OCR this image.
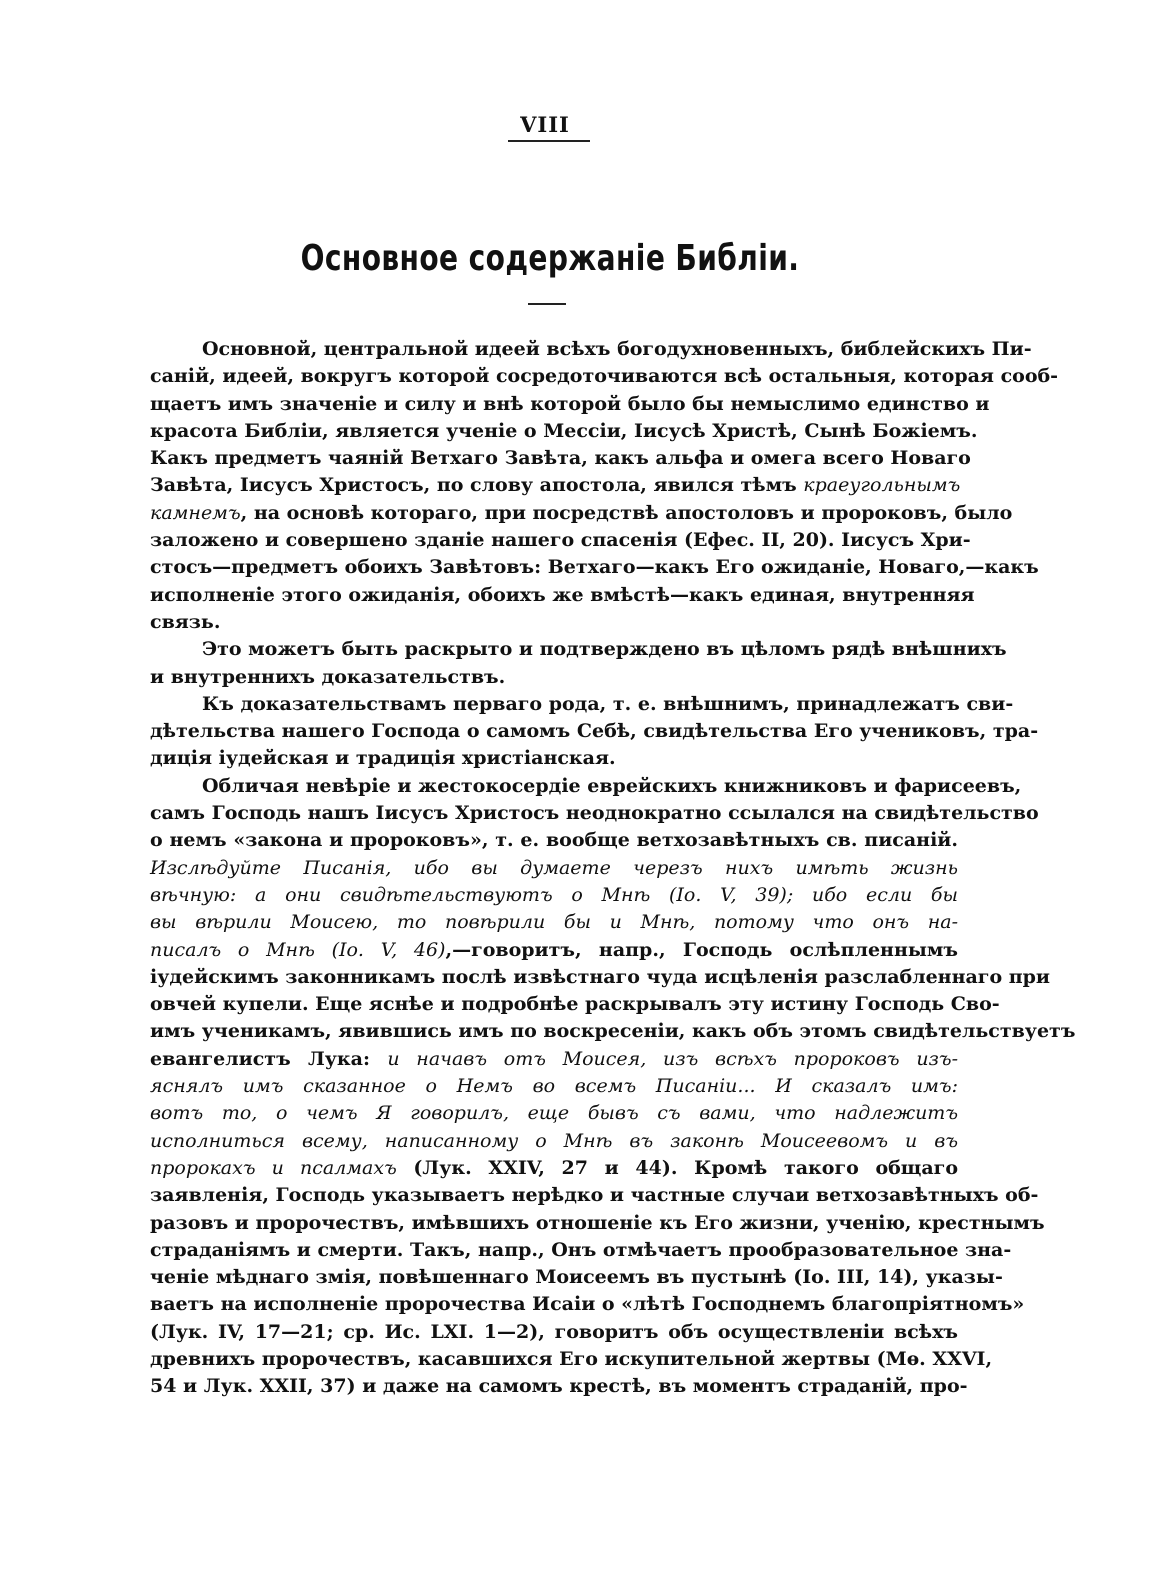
VIII
Основное содержаніе Библіи.
Основной, центральной идеей всѣхъ богодухновенныхъ, библейскихъ Пи-
саній, идеей, вокругъ которой сосредоточиваются всѣ остальныя, которая сооб-
щаетъ имъ значеніе и силу и внѣ которой было бы немыслимо единство и
красота Библіи, является ученіе о Мессіи, Іисусѣ Христѣ, Сынѣ Божіемъ.
Какъ предметъ чаяній Ветхаго Завѣта, какъ альфа и омега всего Новаго
Завѣта, Іисусъ Христосъ, по слову апостола, явился тѣмъ краеугольнымъ
камнемъ, на основѣ котораго, при посредствѣ апостоловъ и пророковъ, было
заложено и совершено зданіе нашего спасенія (Ефес. II, 20). Іисусъ Хри-
стосъ—предметъ обоихъ Завѣтовъ: Ветхаго—какъ Его ожиданіе, Новаго,—какъ
исполненіе этого ожиданія, обоихъ же вмѣстѣ—какъ единая, внутренняя
связь.
Это можетъ быть раскрыто и подтверждено въ цѣломъ рядѣ внѣшнихъ
и внутреннихъ доказательствъ.
Къ доказательствамъ перваго рода, т. е. внѣшнимъ, принадлежатъ сви-
дѣтельства нашего Господа о самомъ Себѣ, свидѣтельства Его учениковъ, тра-
диція іудейская и традиція христіанская.
Обличая невѣріе и жестокосердіе еврейскихъ книжниковъ и фарисеевъ,
самъ Господь нашъ Іисусъ Христосъ неоднократно ссылался на свидѣтельство
о немъ «закона и пророковъ», т. е. вообще ветхозавѣтныхъ св. писаній.
Изслѣдуйте Писанія, ибо вы думаете черезъ нихъ имѣть жизнь
вѣчную: а они свидѣтельствуютъ о Мнѣ (Іо. V, 39); ибо если бы
вы вѣрили Моисею, то повѣрили бы и Мнѣ, потому что онъ на-
писалъ о Мнѣ (Іо. V, 46),—говоритъ, напр., Господь ослѣпленнымъ
іудейскимъ законникамъ послѣ извѣстнаго чуда исцѣленія разслабленнаго при
овчей купели. Еще яснѣе и подробнѣе раскрывалъ эту истину Господь Сво-
имъ ученикамъ, явившись имъ по воскресеніи, какъ объ этомъ свидѣтельствуетъ
евангелистъ Лука: и начавъ отъ Моисея, изъ всѣхъ пророковъ изъ-
яснялъ имъ сказанное о Немъ во всемъ Писаніи... И сказалъ имъ:
вотъ то, о чемъ Я говорилъ, еще бывъ съ вами, что надлежитъ
исполниться всему, написанному о Мнѣ въ законѣ Моисеевомъ и въ
пророкахъ и псалмахъ (Лук. XXIV, 27 и 44). Кромѣ такого общаго
заявленія, Господь указываетъ нерѣдко и частные случаи ветхозавѣтныхъ об-
разовъ и пророчествъ, имѣвшихъ отношеніе къ Его жизни, ученію, крестнымъ
страданіямъ и смерти. Такъ, напр., Онъ отмѣчаетъ прообразовательное зна-
ченіе мѣднаго змія, повѣшеннаго Моисеемъ въ пустынѣ (Іо. III, 14), указы-
ваетъ на исполненіе пророчества Исаіи о «лѣтѣ Господнемъ благопріятномъ»
(Лук. IV, 17—21; ср. Ис. LXI. 1—2), говоритъ объ осуществленіи всѣхъ
древнихъ пророчествъ, касавшихся Его искупительной жертвы (Мѳ. XXVI,
54 и Лук. XXII, 37) и даже на самомъ крестѣ, въ моментъ страданій, про-
